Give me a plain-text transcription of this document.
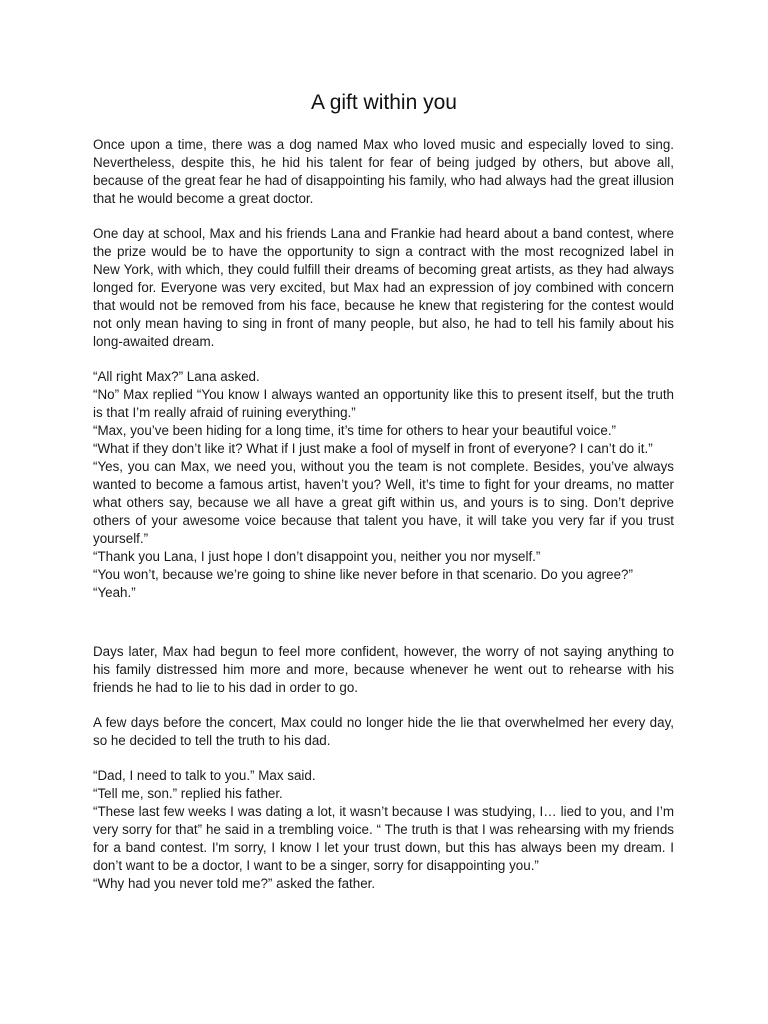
A gift within you

Once upon a time, there was a dog named Max who loved music and especially loved to sing. Nevertheless, despite this, he hid his talent for fear of being judged by others, but above all, because of the great fear he had of disappointing his family, who had always had the great illusion that he would become a great doctor.

One day at school, Max and his friends Lana and Frankie had heard about a band contest, where the prize would be to have the opportunity to sign a contract with the most recognized label in New York, with which, they could fulfill their dreams of becoming great artists, as they had always longed for. Everyone was very excited, but Max had an expression of joy combined with concern that would not be removed from his face, because he knew that registering for the contest would not only mean having to sing in front of many people, but also, he had to tell his family about his long-awaited dream.

“All right Max?” Lana asked.

“No” Max replied “You know I always wanted an opportunity like this to present itself, but the truth is that I’m really afraid of ruining everything.”

“Max, you’ve been hiding for a long time, it’s time for others to hear your beautiful voice.”

“What if they don’t like it? What if I just make a fool of myself in front of everyone? I can’t do it.”

“Yes, you can Max, we need you, without you the team is not complete. Besides, you’ve always wanted to become a famous artist, haven’t you? Well, it’s time to fight for your dreams, no matter what others say, because we all have a great gift within us, and yours is to sing. Don’t deprive others of your awesome voice because that talent you have, it will take you very far if you trust yourself.”

“Thank you Lana, I just hope I don’t disappoint you, neither you nor myself.”

“You won’t, because we’re going to shine like never before in that scenario. Do you agree?”

“Yeah.”

Days later, Max had begun to feel more confident, however, the worry of not saying anything to his family distressed him more and more, because whenever he went out to rehearse with his friends he had to lie to his dad in order to go.

A few days before the concert, Max could no longer hide the lie that overwhelmed her every day, so he decided to tell the truth to his dad.

“Dad, I need to talk to you.” Max said.

“Tell me, son.” replied his father.

“These last few weeks I was dating a lot, it wasn’t because I was studying, I… lied to you, and I’m very sorry for that” he said in a trembling voice. “ The truth is that I was rehearsing with my friends for a band contest. I'm sorry, I know I let your trust down, but this has always been my dream. I don’t want to be a doctor, I want to be a singer, sorry for disappointing you.”

“Why had you never told me?” asked the father.
